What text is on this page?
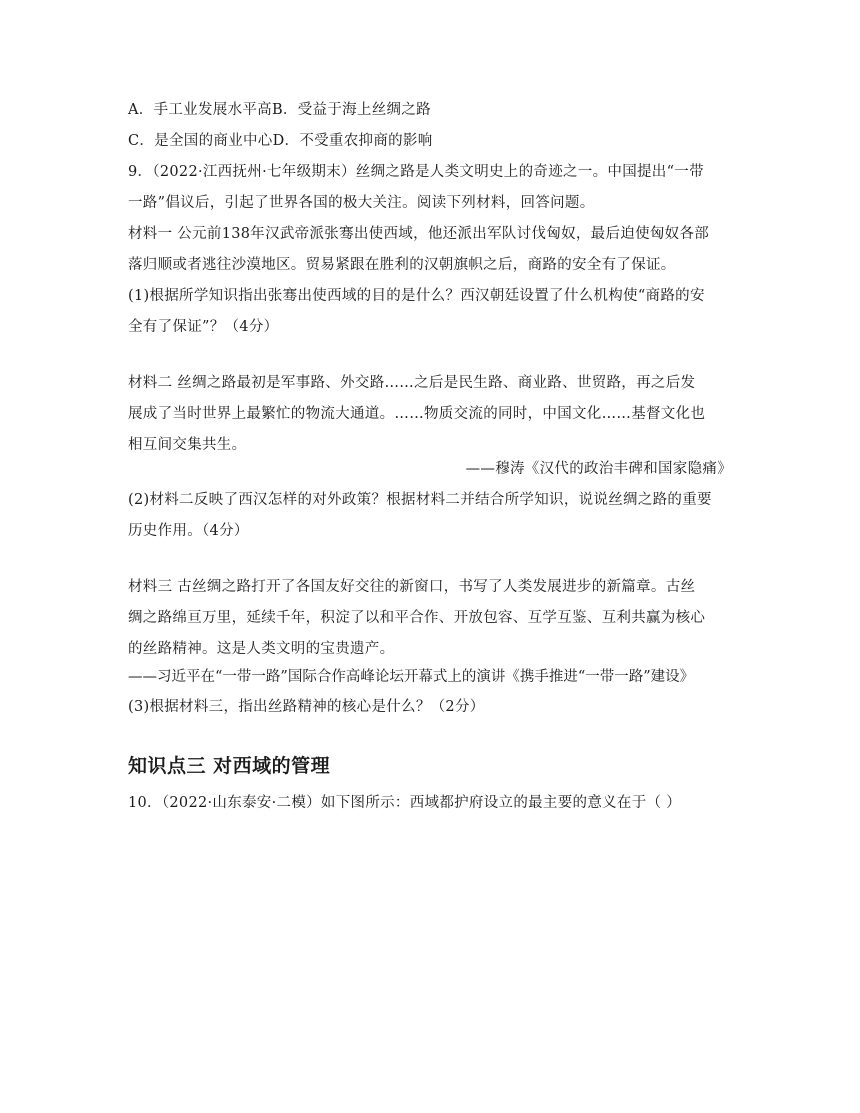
A．手工业发展水平高B．受益于海上丝绸之路
C．是全国的商业中心D．不受重农抑商的影响
9．（2022·江西抚州·七年级期末）丝绸之路是人类文明史上的奇迹之一。中国提出“一带
一路”倡议后，引起了世界各国的极大关注。阅读下列材料，回答问题。
材料一 公元前138年汉武帝派张骞出使西域，他还派出军队讨伐匈奴，最后迫使匈奴各部
落归顺或者逃往沙漠地区。贸易紧跟在胜利的汉朝旗帜之后，商路的安全有了保证。
(1)根据所学知识指出张骞出使西域的目的是什么？西汉朝廷设置了什么机构使“商路的安
全有了保证”？（4分）
材料二 丝绸之路最初是军事路、外交路……之后是民生路、商业路、世贸路，再之后发
展成了当时世界上最繁忙的物流大通道。……物质交流的同时，中国文化……基督文化也
相互间交集共生。
——穆涛《汉代的政治丰碑和国家隐痛》
(2)材料二反映了西汉怎样的对外政策？根据材料二并结合所学知识，说说丝绸之路的重要
历史作用。（4分）
材料三 古丝绸之路打开了各国友好交往的新窗口，书写了人类发展进步的新篇章。古丝
绸之路绵亘万里，延续千年，积淀了以和平合作、开放包容、互学互鉴、互利共赢为核心
的丝路精神。这是人类文明的宝贵遗产。
——习近平在“一带一路”国际合作高峰论坛开幕式上的演讲《携手推进“一带一路”建设》
(3)根据材料三，指出丝路精神的核心是什么？（2分）
知识点三 对西域的管理
10．（2022·山东泰安·二模）如下图所示：西域都护府设立的最主要的意义在于（ ）
